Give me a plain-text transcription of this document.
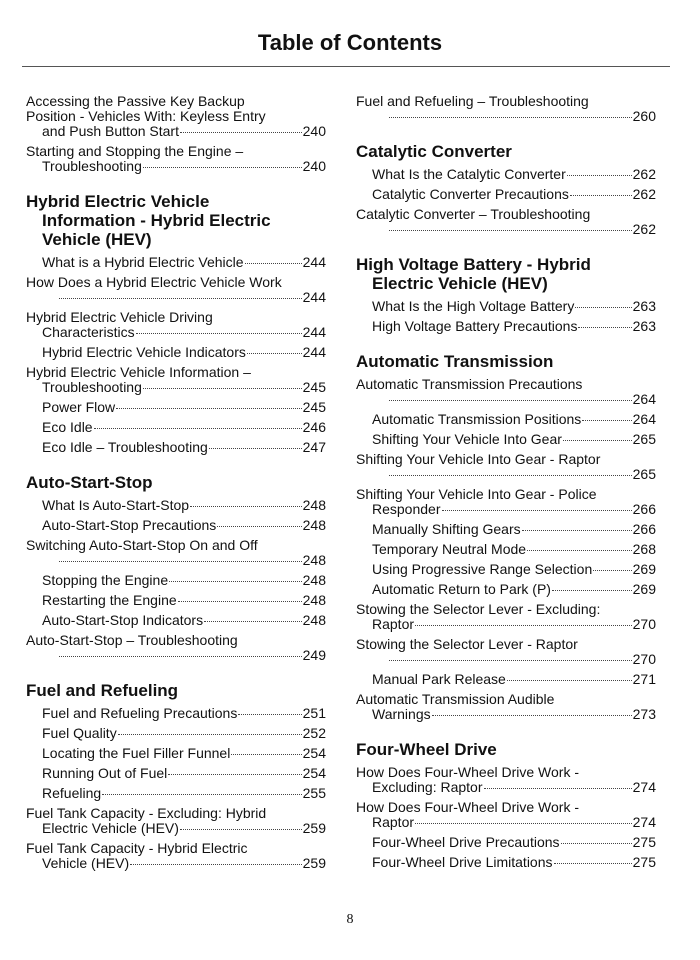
Table of Contents
Accessing the Passive Key Backup
Position - Vehicles With: Keyless Entry
and Push Button Start	240
Starting and Stopping the Engine –
Troubleshooting	240
Hybrid Electric Vehicle
Information - Hybrid Electric
Vehicle (HEV)
What is a Hybrid Electric Vehicle	244
How Does a Hybrid Electric Vehicle Work
244
Hybrid Electric Vehicle Driving
Characteristics	244
Hybrid Electric Vehicle Indicators	244
Hybrid Electric Vehicle Information –
Troubleshooting	245
Power Flow	245
Eco Idle	246
Eco Idle – Troubleshooting	247
Auto-Start-Stop
What Is Auto-Start-Stop	248
Auto-Start-Stop Precautions	248
Switching Auto-Start-Stop On and Off
248
Stopping the Engine	248
Restarting the Engine	248
Auto-Start-Stop Indicators	248
Auto-Start-Stop – Troubleshooting
249
Fuel and Refueling
Fuel and Refueling Precautions	251
Fuel Quality	252
Locating the Fuel Filler Funnel	254
Running Out of Fuel	254
Refueling	255
Fuel Tank Capacity - Excluding: Hybrid
Electric Vehicle (HEV)	259
Fuel Tank Capacity - Hybrid Electric
Vehicle (HEV)	259
Fuel and Refueling – Troubleshooting
260
Catalytic Converter
What Is the Catalytic Converter	262
Catalytic Converter Precautions	262
Catalytic Converter – Troubleshooting
262
High Voltage Battery - Hybrid
Electric Vehicle (HEV)
What Is the High Voltage Battery	263
High Voltage Battery Precautions	263
Automatic Transmission
Automatic Transmission Precautions
264
Automatic Transmission Positions	264
Shifting Your Vehicle Into Gear	265
Shifting Your Vehicle Into Gear - Raptor
265
Shifting Your Vehicle Into Gear - Police
Responder	266
Manually Shifting Gears	266
Temporary Neutral Mode	268
Using Progressive Range Selection	269
Automatic Return to Park (P)	269
Stowing the Selector Lever - Excluding:
Raptor	270
Stowing the Selector Lever - Raptor
270
Manual Park Release	271
Automatic Transmission Audible
Warnings	273
Four-Wheel Drive
How Does Four-Wheel Drive Work -
Excluding: Raptor	274
How Does Four-Wheel Drive Work -
Raptor	274
Four-Wheel Drive Precautions	275
Four-Wheel Drive Limitations	275
8
